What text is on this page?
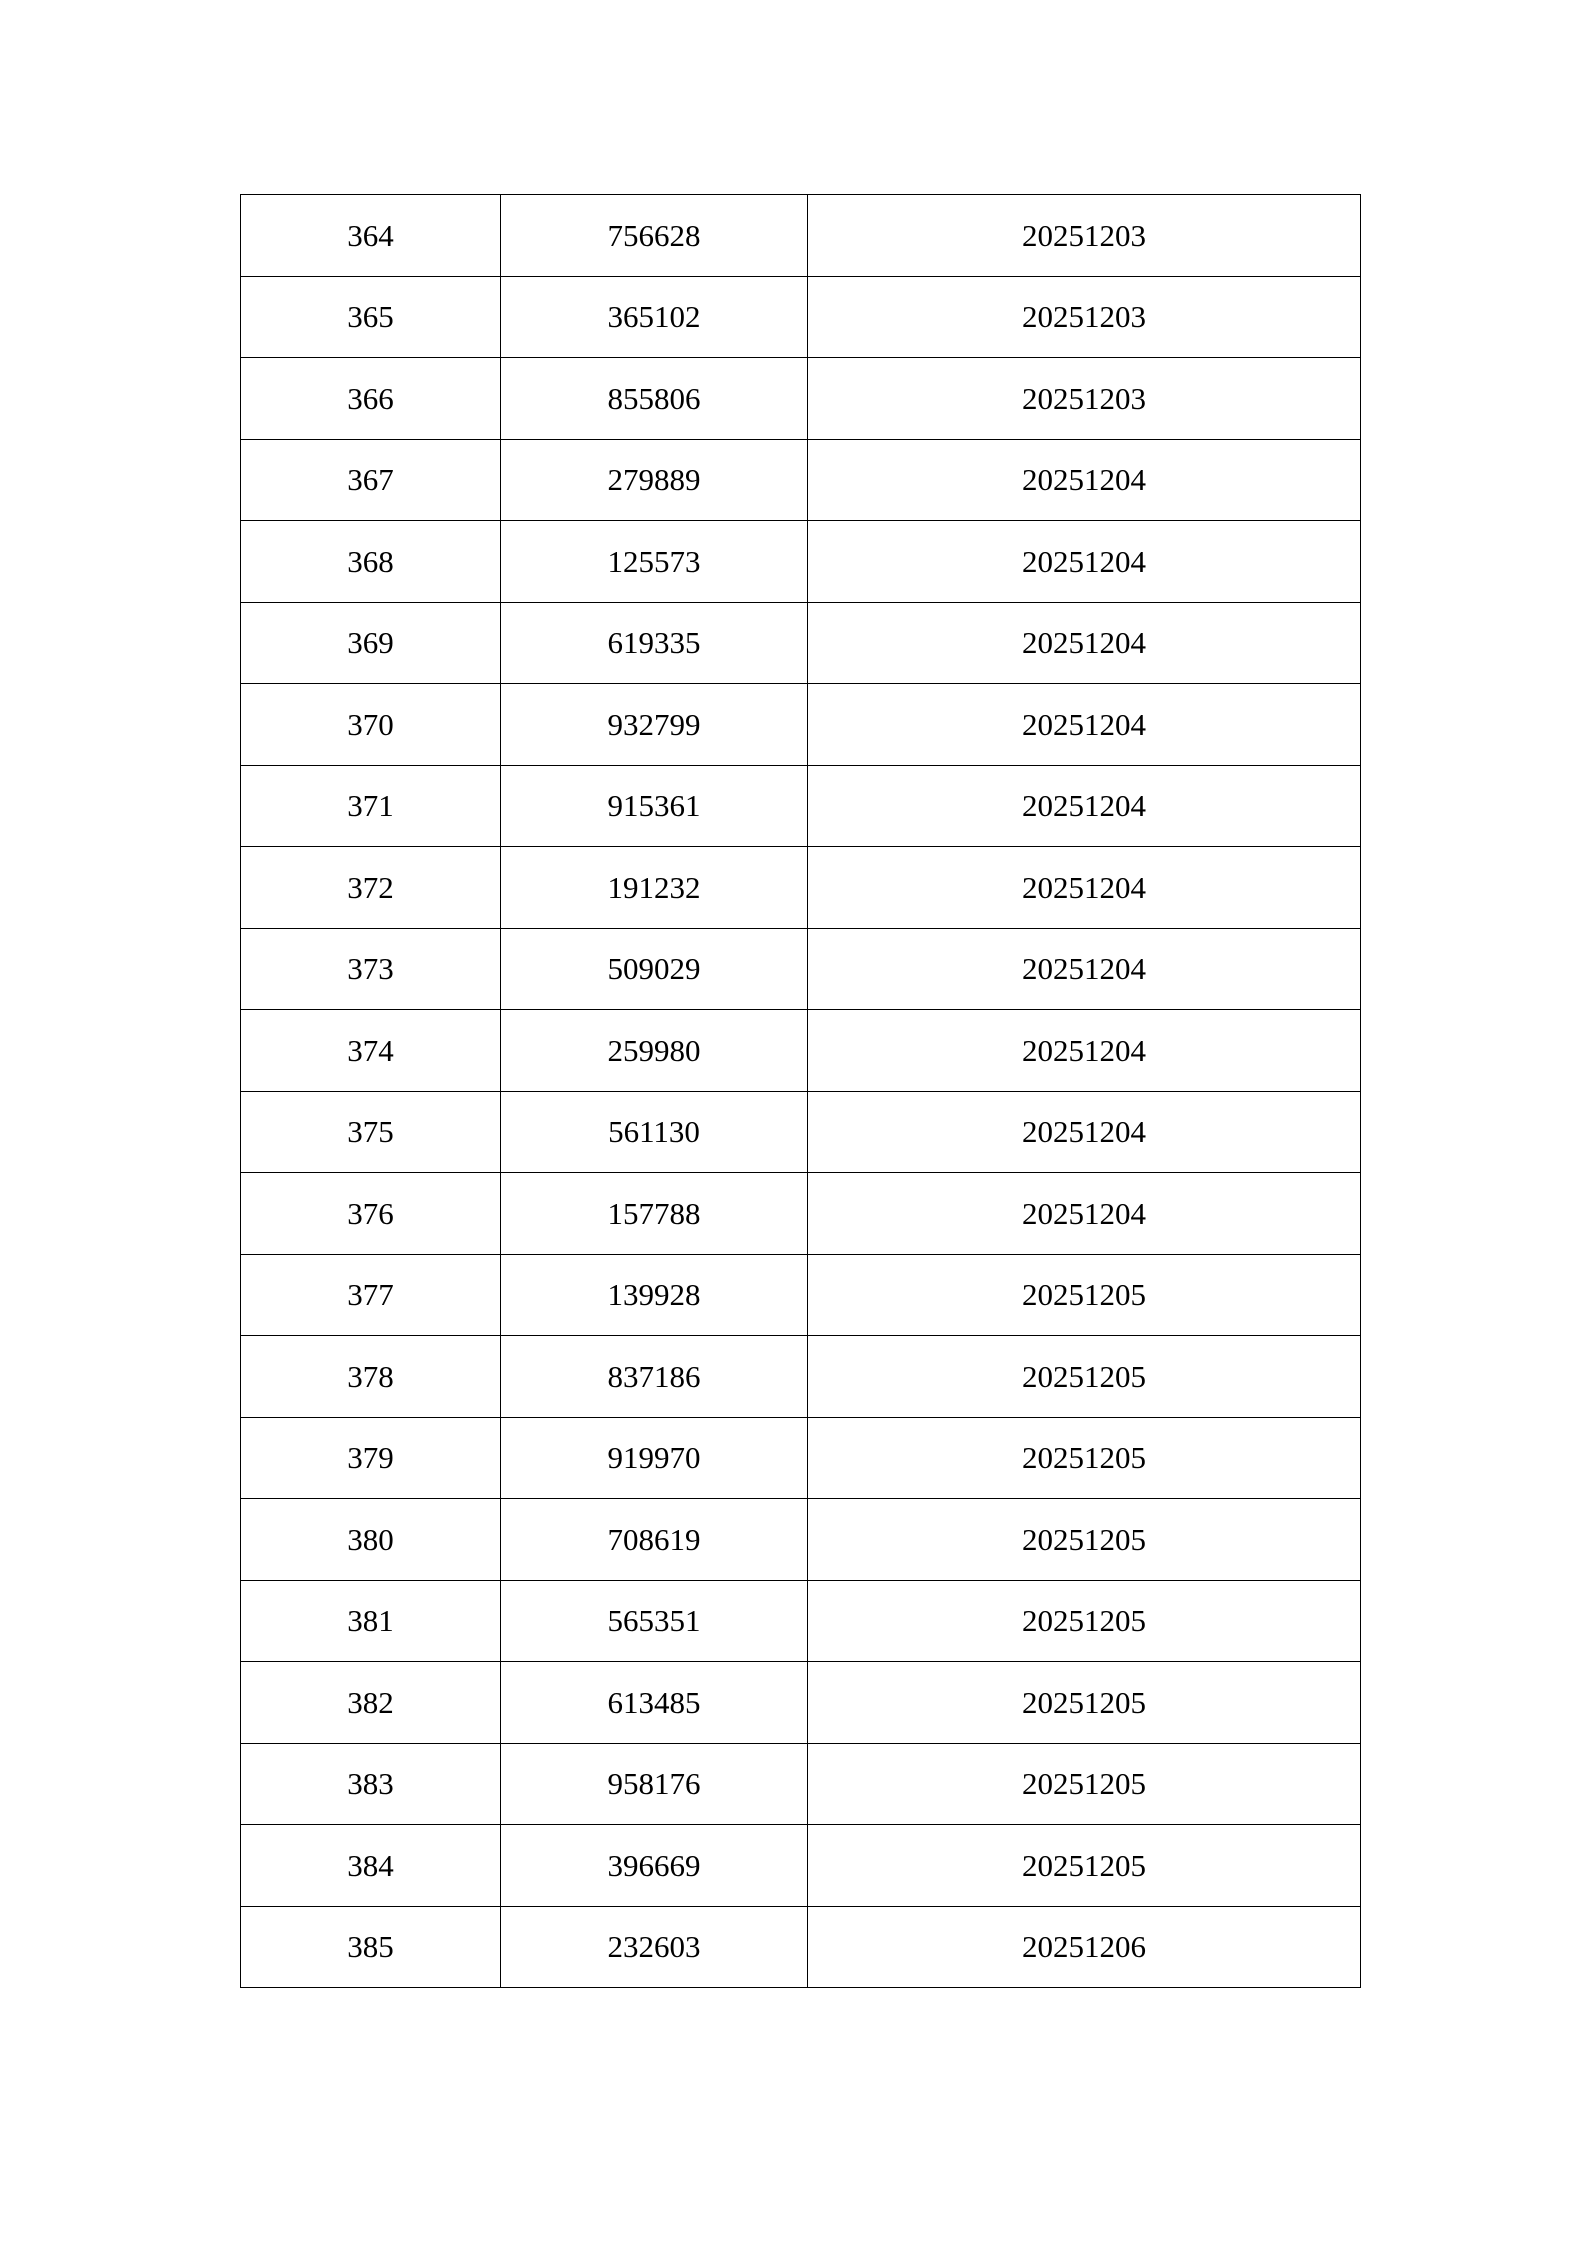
364	756628	20251203
365	365102	20251203
366	855806	20251203
367	279889	20251204
368	125573	20251204
369	619335	20251204
370	932799	20251204
371	915361	20251204
372	191232	20251204
373	509029	20251204
374	259980	20251204
375	561130	20251204
376	157788	20251204
377	139928	20251205
378	837186	20251205
379	919970	20251205
380	708619	20251205
381	565351	20251205
382	613485	20251205
383	958176	20251205
384	396669	20251205
385	232603	20251206
